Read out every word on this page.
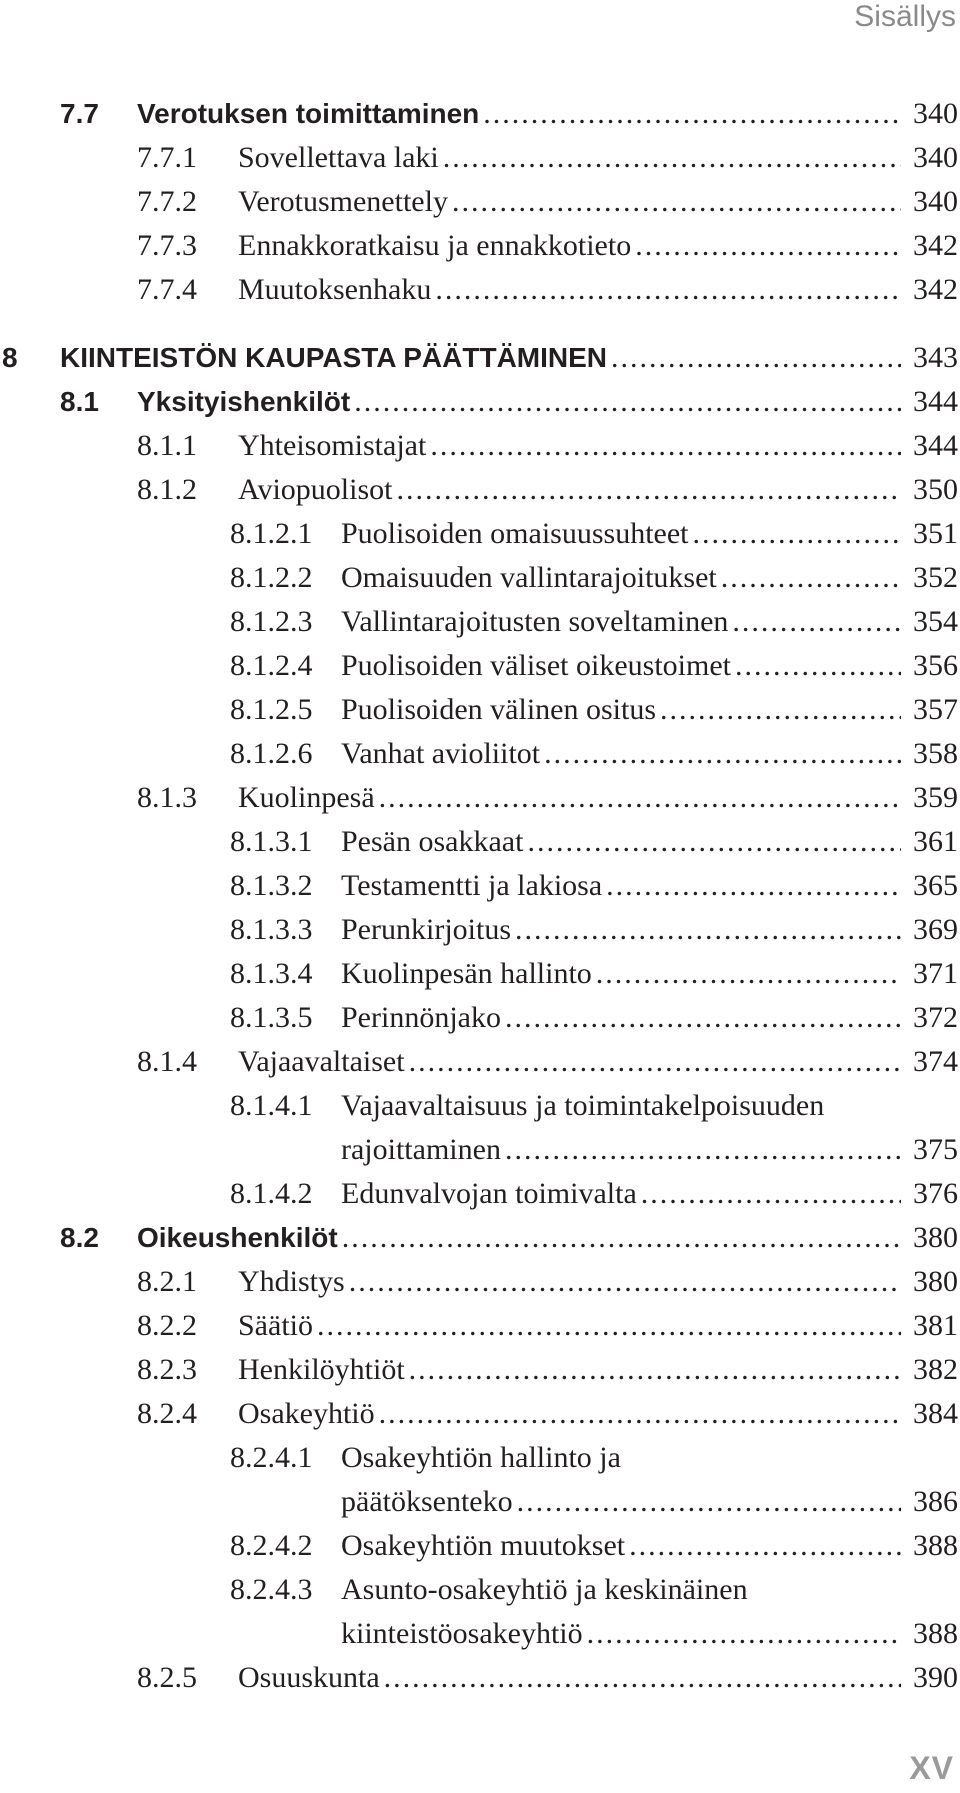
Sisällys
7.7 Verotuksen toimittaminen .....	340
7.7.1 Sovellettava laki .....	340
7.7.2 Verotusmenettely .....	340
7.7.3 Ennakkoratkaisu ja ennakkotieto .....	342
7.7.4 Muutoksenhaku .....	342
8 KIINTEISTÖN KAUPASTA PÄÄTTÄMINEN .....	343
8.1 Yksityishenkilöt .....	344
8.1.1 Yhteisomistajat .....	344
8.1.2 Aviopuolisot .....	350
8.1.2.1 Puolisoiden omaisuussuhteet .....	351
8.1.2.2 Omaisuuden vallintarajoitukset .....	352
8.1.2.3 Vallintarajoitusten soveltaminen .....	354
8.1.2.4 Puolisoiden väliset oikeustoimet .....	356
8.1.2.5 Puolisoiden välinen ositus .....	357
8.1.2.6 Vanhat avioliitot .....	358
8.1.3 Kuolinpesä .....	359
8.1.3.1 Pesän osakkaat .....	361
8.1.3.2 Testamentti ja lakiosa .....	365
8.1.3.3 Perunkirjoitus .....	369
8.1.3.4 Kuolinpesän hallinto .....	371
8.1.3.5 Perinnönjako .....	372
8.1.4 Vajaavaltaiset .....	374
8.1.4.1 Vajaavaltaisuus ja toimintakelpoisuuden
rajoittaminen .....	375
8.1.4.2 Edunvalvojan toimivalta .....	376
8.2 Oikeushenkilöt .....	380
8.2.1 Yhdistys .....	380
8.2.2 Säätiö .....	381
8.2.3 Henkilöyhtiöt .....	382
8.2.4 Osakeyhtiö .....	384
8.2.4.1 Osakeyhtiön hallinto ja
päätöksenteko .....	386
8.2.4.2 Osakeyhtiön muutokset .....	388
8.2.4.3 Asunto-osakeyhtiö ja keskinäinen
kiinteistöosakeyhtiö .....	388
8.2.5 Osuuskunta .....	390
XV
